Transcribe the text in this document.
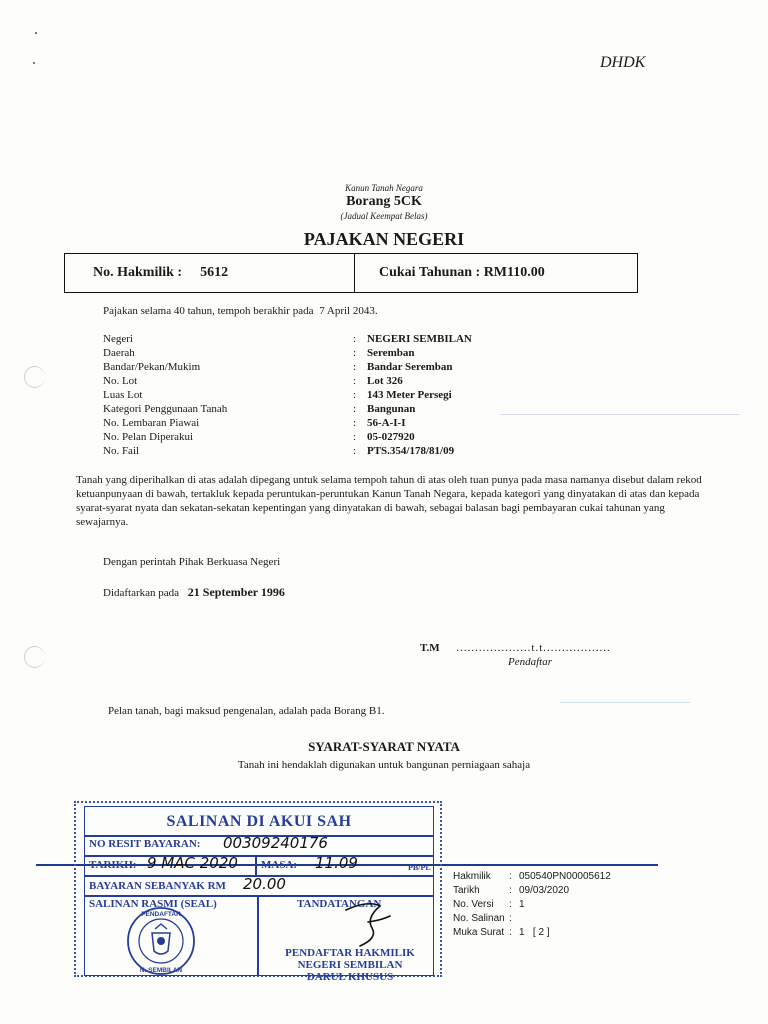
DHDK
Kanun Tanah Negara
Borang 5CK
(Jadual Keempat Belas)
PAJAKAN NEGERI
No. Hakmilik : 5612	Cukai Tahunan :
RM110.00
Pajakan selama 40 tahun, tempoh berakhir pada 7 April 2043.
Negeri	: NEGERI SEMBILAN
Daerah	: Seremban
Bandar/Pekan/Mukim	: Bandar Seremban
No. Lot	: Lot 326
Luas Lot	: 143 Meter Persegi
Kategori Penggunaan Tanah	: Bangunan
No. Lembaran Piawai	: 56-A-I-I
No. Pelan Diperakui	: 05-027920
No. Fail	: PTS.354/178/81/09
Tanah yang diperihalkan di atas adalah dipegang untuk selama tempoh tahun di atas oleh tuan punya pada masa namanya disebut dalam rekod ketuanpunyaan di bawah, tertakluk kepada peruntukan-peruntukan Kanun Tanah Negara, kepada kategori yang dinyatakan di atas dan kepada syarat-syarat nyata dan sekatan-sekatan kepentingan yang dinyatakan di bawah, sebagai balasan bagi pembayaran cukai tahunan yang sewajarnya.
Dengan perintah Pihak Berkuasa Negeri
Didaftarkan pada 21 September 1996
T.M ....................t.t..................
Pendaftar
Pelan tanah, bagi maksud pengenalan, adalah pada Borang B1.
SYARAT-SYARAT NYATA
Tanah ini hendaklah digunakan untuk bangunan perniagaan sahaja
Hakmilik	: 050540PN00005612
Tarikh	: 09/03/2020
No. Versi	: 1
No. Salinan :
Muka Surat : 1   [ 2 ]
SALINAN DI AKUI SAH
NO RESIT BAYARAN: 00309240176
TARIKH: 9 MAC 2020 MASA: 11.09	PB/PL
BAYARAN SEBANYAK RM 20.00
SALINAN RASMI (SEAL)	TANDATANGAN
PENDAFTAR HAKMILIK
NEGERI SEMBILAN
DARUL KHUSUS
PENDAFTAR
N. SEMBILAN
